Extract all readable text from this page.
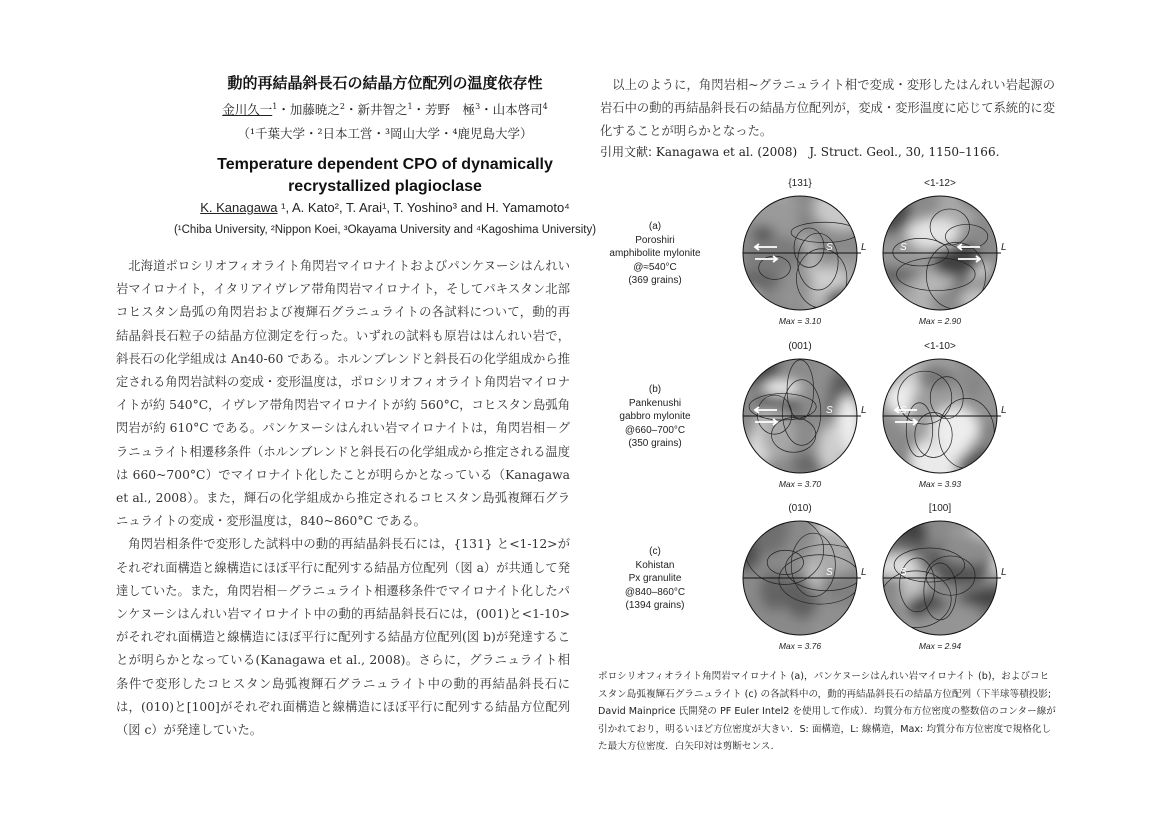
動的再結晶斜長石の結晶方位配列の温度依存性
金川久一$^1$・加藤暁之$^2$・新井智之$^1$・芳野　極$^3$・山本啓司$^4$
（¹千葉大学・²日本工営・³岡山大学・⁴鹿児島大学）
Temperature dependent CPO of dynamically
recrystallized plagioclase
K. Kanagawa ¹, A. Kato², T. Arai¹, T. Yoshino³ and H. Yamamoto⁴
(¹Chiba University, ²Nippon Koei, ³Okayama University and ⁴Kagoshima University)

北海道ポロシリオフィオライト角閃岩マイロナイトおよびパンケヌーシはんれい岩マイロナイト，イタリアイヴレア帯角閃岩マイロナイト，そしてパキスタン北部コヒスタン島弧の角閃岩および複輝石グラニュライトの各試料について，動的再結晶斜長石粒子の結晶方位測定を行った。いずれの試料も原岩ははんれい岩で，斜長石の化学組成は An40-60 である。ホルンブレンドと斜長石の化学組成から推定される角閃岩試料の変成・変形温度は，ポロシリオフィオライト角閃岩マイロナイトが約 540°C，イヴレア帯角閃岩マイロナイトが約 560°C，コヒスタン島弧角閃岩が約 610°C である。パンケヌーシはんれい岩マイロナイトは，角閃岩相－グラニュライト相遷移条件（ホルンブレンドと斜長石の化学組成から推定される温度は 660~700°C）でマイロナイト化したことが明らかとなっている（Kanagawa et al., 2008）。また，輝石の化学組成から推定されるコヒスタン島弧複輝石グラニュライトの変成・変形温度は，840~860°C である。

角閃岩相条件で変形した試料中の動的再結晶斜長石には，{131} と<1-12>がそれぞれ面構造と線構造にほぼ平行に配列する結晶方位配列（図 a）が共通して発達していた。また，角閃岩相－グラニュライト相遷移条件でマイロナイト化したパンケヌーシはんれい岩マイロナイト中の動的再結晶斜長石には，(001)と<1-10>がそれぞれ面構造と線構造にほぼ平行に配列する結晶方位配列(図 b)が発達することが明らかとなっている(Kanagawa et al., 2008)。さらに，グラニュライト相条件で変形したコヒスタン島弧複輝石グラニュライト中の動的再結晶斜長石には，(010)と[100]がそれぞれ面構造と線構造にほぼ平行に配列する結晶方位配列（図 c）が発達していた。

以上のように，角閃岩相~グラニュライト相で変成・変形したはんれい岩起源の岩石中の動的再結晶斜長石の結晶方位配列が，変成・変形温度に応じて系統的に変化することが明らかとなった。

引用文献: Kanagawa et al. (2008)　J. Struct. Geol., 30, 1150–1166.
(a)
Poroshiri
amphibolite mylonite
@≈540°C
(369 grains)
{131}
S	L
Max = 3.10
<1-12>
S	L
Max = 2.90
(b)
Pankenushi
gabbro mylonite
@660–700°C
(350 grains)
(001)
S	L
Max = 3.70
<1-10>
S	L
Max = 3.93
(c)
Kohistan
Px granulite
@840–860°C
(1394 grains)
(010)
S	L
Max = 3.76
[100]
S	L
Max = 2.94
ポロシリオフィオライト角閃岩マイロナイト (a)，パンケヌーシはんれい岩マイロナイト (b)，およびコヒスタン島弧複輝石グラニュライト (c) の各試料中の，動的再結晶斜長石の結晶方位配列（下半球等積投影; David Mainprice 氏開発の PF Euler Intel2 を使用して作成）．均質分布方位密度の整数倍のコンター線が引かれており，明るいほど方位密度が大きい．S: 面構造，L: 線構造，Max: 均質分布方位密度で規格化した最大方位密度．白矢印対は剪断センス．
